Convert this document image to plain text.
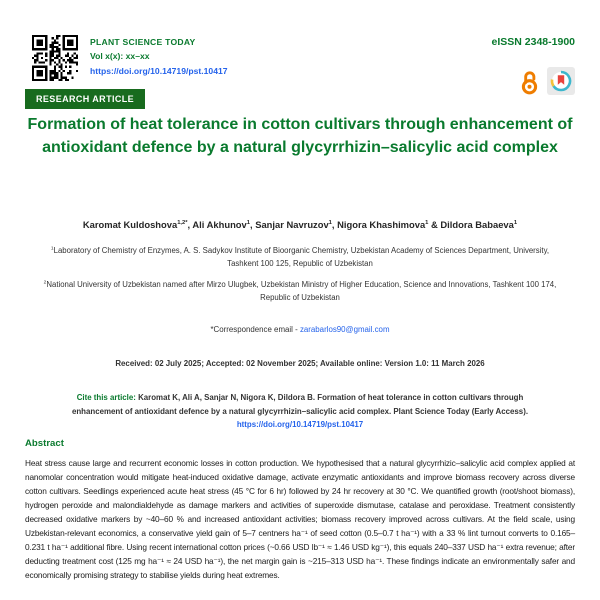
PLANT SCIENCE TODAY
Vol x(x): xx–xx
https://doi.org/10.14719/pst.10417
eISSN 2348-1900
RESEARCH ARTICLE
Formation of heat tolerance in cotton cultivars through enhancement of antioxidant defence by a natural glycyrrhizin–salicylic acid complex
Karomat Kuldoshova$^{1,2*}$, Ali Akhunov$^1$, Sanjar Navruzov$^1$, Nigora Khashimova$^1$ & Dildora Babaeva$^1$

$^1$Laboratory of Chemistry of Enzymes, A. S. Sadykov Institute of Bioorganic Chemistry, Uzbekistan Academy of Sciences Department, University, Tashkent 100 125, Republic of Uzbekistan

$^2$National University of Uzbekistan named after Mirzo Ulugbek, Uzbekistan Ministry of Higher Education, Science and Innovations, Tashkent 100 174, Republic of Uzbekistan

*Correspondence email - zarabarlos90@gmail.com
Received: 02 July 2025; Accepted: 02 November 2025; Available online: Version 1.0: 11 March 2026
Cite this article: Karomat K, Ali A, Sanjar N, Nigora K, Dildora B. Formation of heat tolerance in cotton cultivars through enhancement of antioxidant defence by a natural glycyrrhizin–salicylic acid complex. Plant Science Today (Early Access). https://doi.org/10.14719/pst.10417
Abstract
Heat stress cause large and recurrent economic losses in cotton production. We hypothesised that a natural glycyrrhizic–salicylic acid complex applied at nanomolar concentration would mitigate heat-induced oxidative damage, activate enzymatic antioxidants and improve biomass recovery across diverse cotton cultivars. Seedlings experienced acute heat stress (45 °C for 6 hr) followed by 24 hr recovery at 30 °C. We quantified growth (root/shoot biomass), hydrogen peroxide and malondialdehyde as damage markers and activities of superoxide dismutase, catalase and peroxidase. Treatment consistently decreased oxidative markers by ~40–60 % and increased antioxidant activities; biomass recovery improved across cultivars. At the field scale, using Uzbekistan-relevant economics, a conservative yield gain of 5–7 centners ha⁻¹ of seed cotton (0.5–0.7 t ha⁻¹) with a 33 % lint turnout converts to 0.165–0.231 t ha⁻¹ additional fibre. Using recent international cotton prices (~0.66 USD lb⁻¹ ≈ 1.46 USD kg⁻¹), this equals 240–337 USD ha⁻¹ extra revenue; after deducting treatment cost (125 mg ha⁻¹ ≈ 24 USD ha⁻¹), the net margin gain is ~215–313 USD ha⁻¹. These findings indicate an environmentally safer and economically promising strategy to stabilise yields during heat extremes.
